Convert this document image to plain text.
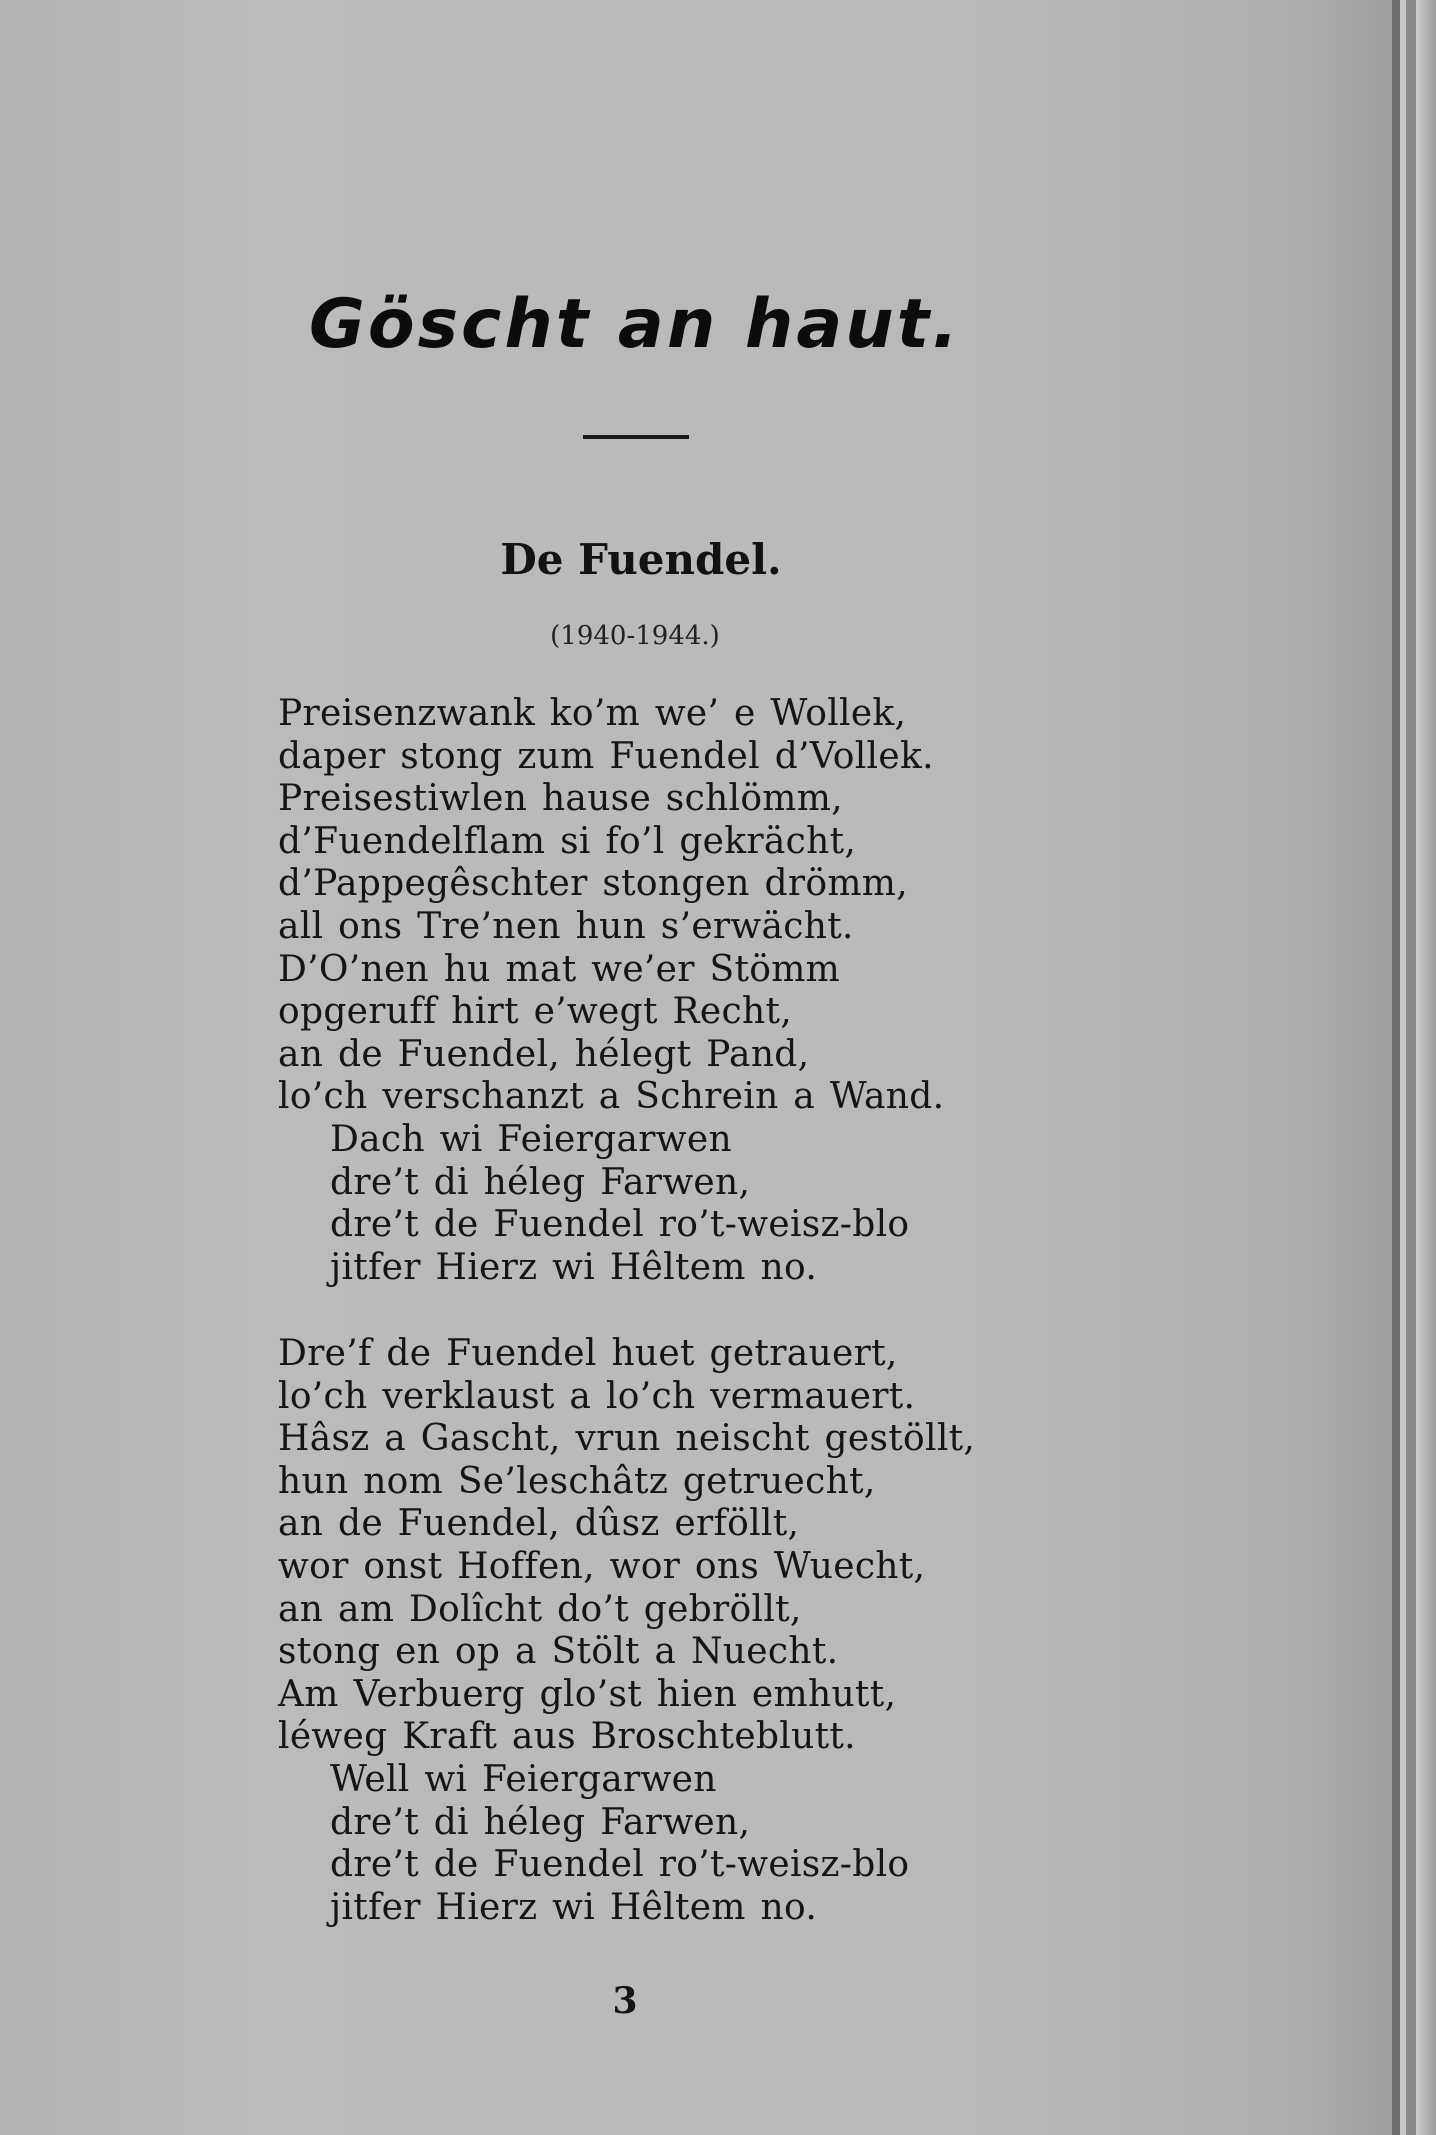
Göscht an haut.
De Fuendel.
(1940-1944.)
Preisenzwank ko’m we’ e Wollek,
daper stong zum Fuendel d’Vollek.
Preisestiwlen hause schlömm,
d’Fuendelflam si fo’l gekrächt,
d’Pappegêschter stongen drömm,
all ons Tre’nen hun s’erwächt.
D’O’nen hu mat we’er Stömm
opgeruff hirt e’wegt Recht,
an de Fuendel, hélegt Pand,
lo’ch verschanzt a Schrein a Wand.
Dach wi Feiergarwen
dre’t di héleg Farwen,
dre’t de Fuendel ro’t-weisz-blo
jitfer Hierz wi Hêltem no.
Dre’f de Fuendel huet getrauert,
lo’ch verklaust a lo’ch vermauert.
Hâsz a Gascht, vrun neischt gestöllt,
hun nom Se’leschâtz getruecht,
an de Fuendel, dûsz erföllt,
wor onst Hoffen, wor ons Wuecht,
an am Dolîcht do’t gebröllt,
stong en op a Stölt a Nuecht.
Am Verbuerg glo’st hien emhutt,
léweg Kraft aus Broschteblutt.
Well wi Feiergarwen
dre’t di héleg Farwen,
dre’t de Fuendel ro’t-weisz-blo
jitfer Hierz wi Hêltem no.
3
